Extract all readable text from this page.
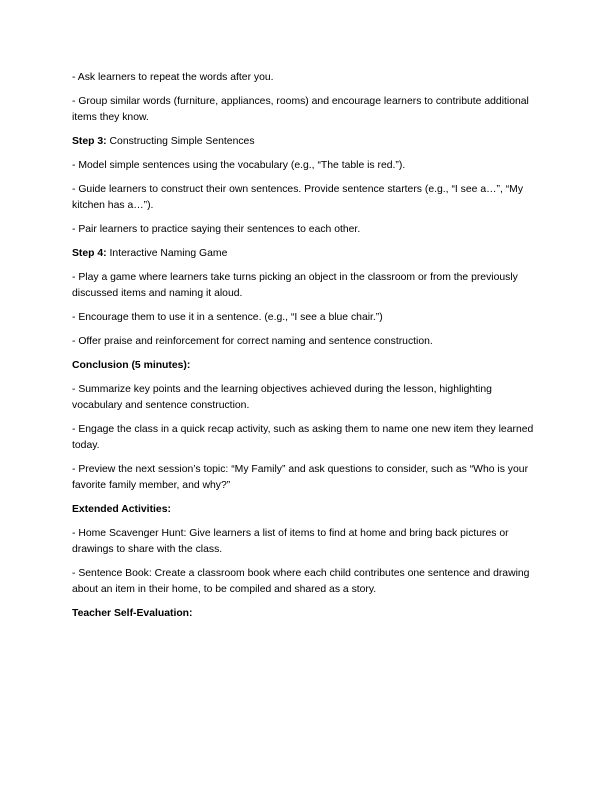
- Ask learners to repeat the words after you.

- Group similar words (furniture, appliances, rooms) and encourage learners to contribute additional items they know.

Step 3: Constructing Simple Sentences

- Model simple sentences using the vocabulary (e.g., “The table is red.”).

- Guide learners to construct their own sentences. Provide sentence starters (e.g., “I see a…”, “My kitchen has a…”).

- Pair learners to practice saying their sentences to each other.

Step 4: Interactive Naming Game

- Play a game where learners take turns picking an object in the classroom or from the previously discussed items and naming it aloud.

- Encourage them to use it in a sentence. (e.g., “I see a blue chair.”)

- Offer praise and reinforcement for correct naming and sentence construction.

Conclusion (5 minutes):

- Summarize key points and the learning objectives achieved during the lesson, highlighting vocabulary and sentence construction.

- Engage the class in a quick recap activity, such as asking them to name one new item they learned today.

- Preview the next session’s topic: “My Family” and ask questions to consider, such as “Who is your favorite family member, and why?”

Extended Activities:

- Home Scavenger Hunt: Give learners a list of items to find at home and bring back pictures or drawings to share with the class.

- Sentence Book: Create a classroom book where each child contributes one sentence and drawing about an item in their home, to be compiled and shared as a story.

Teacher Self-Evaluation:
